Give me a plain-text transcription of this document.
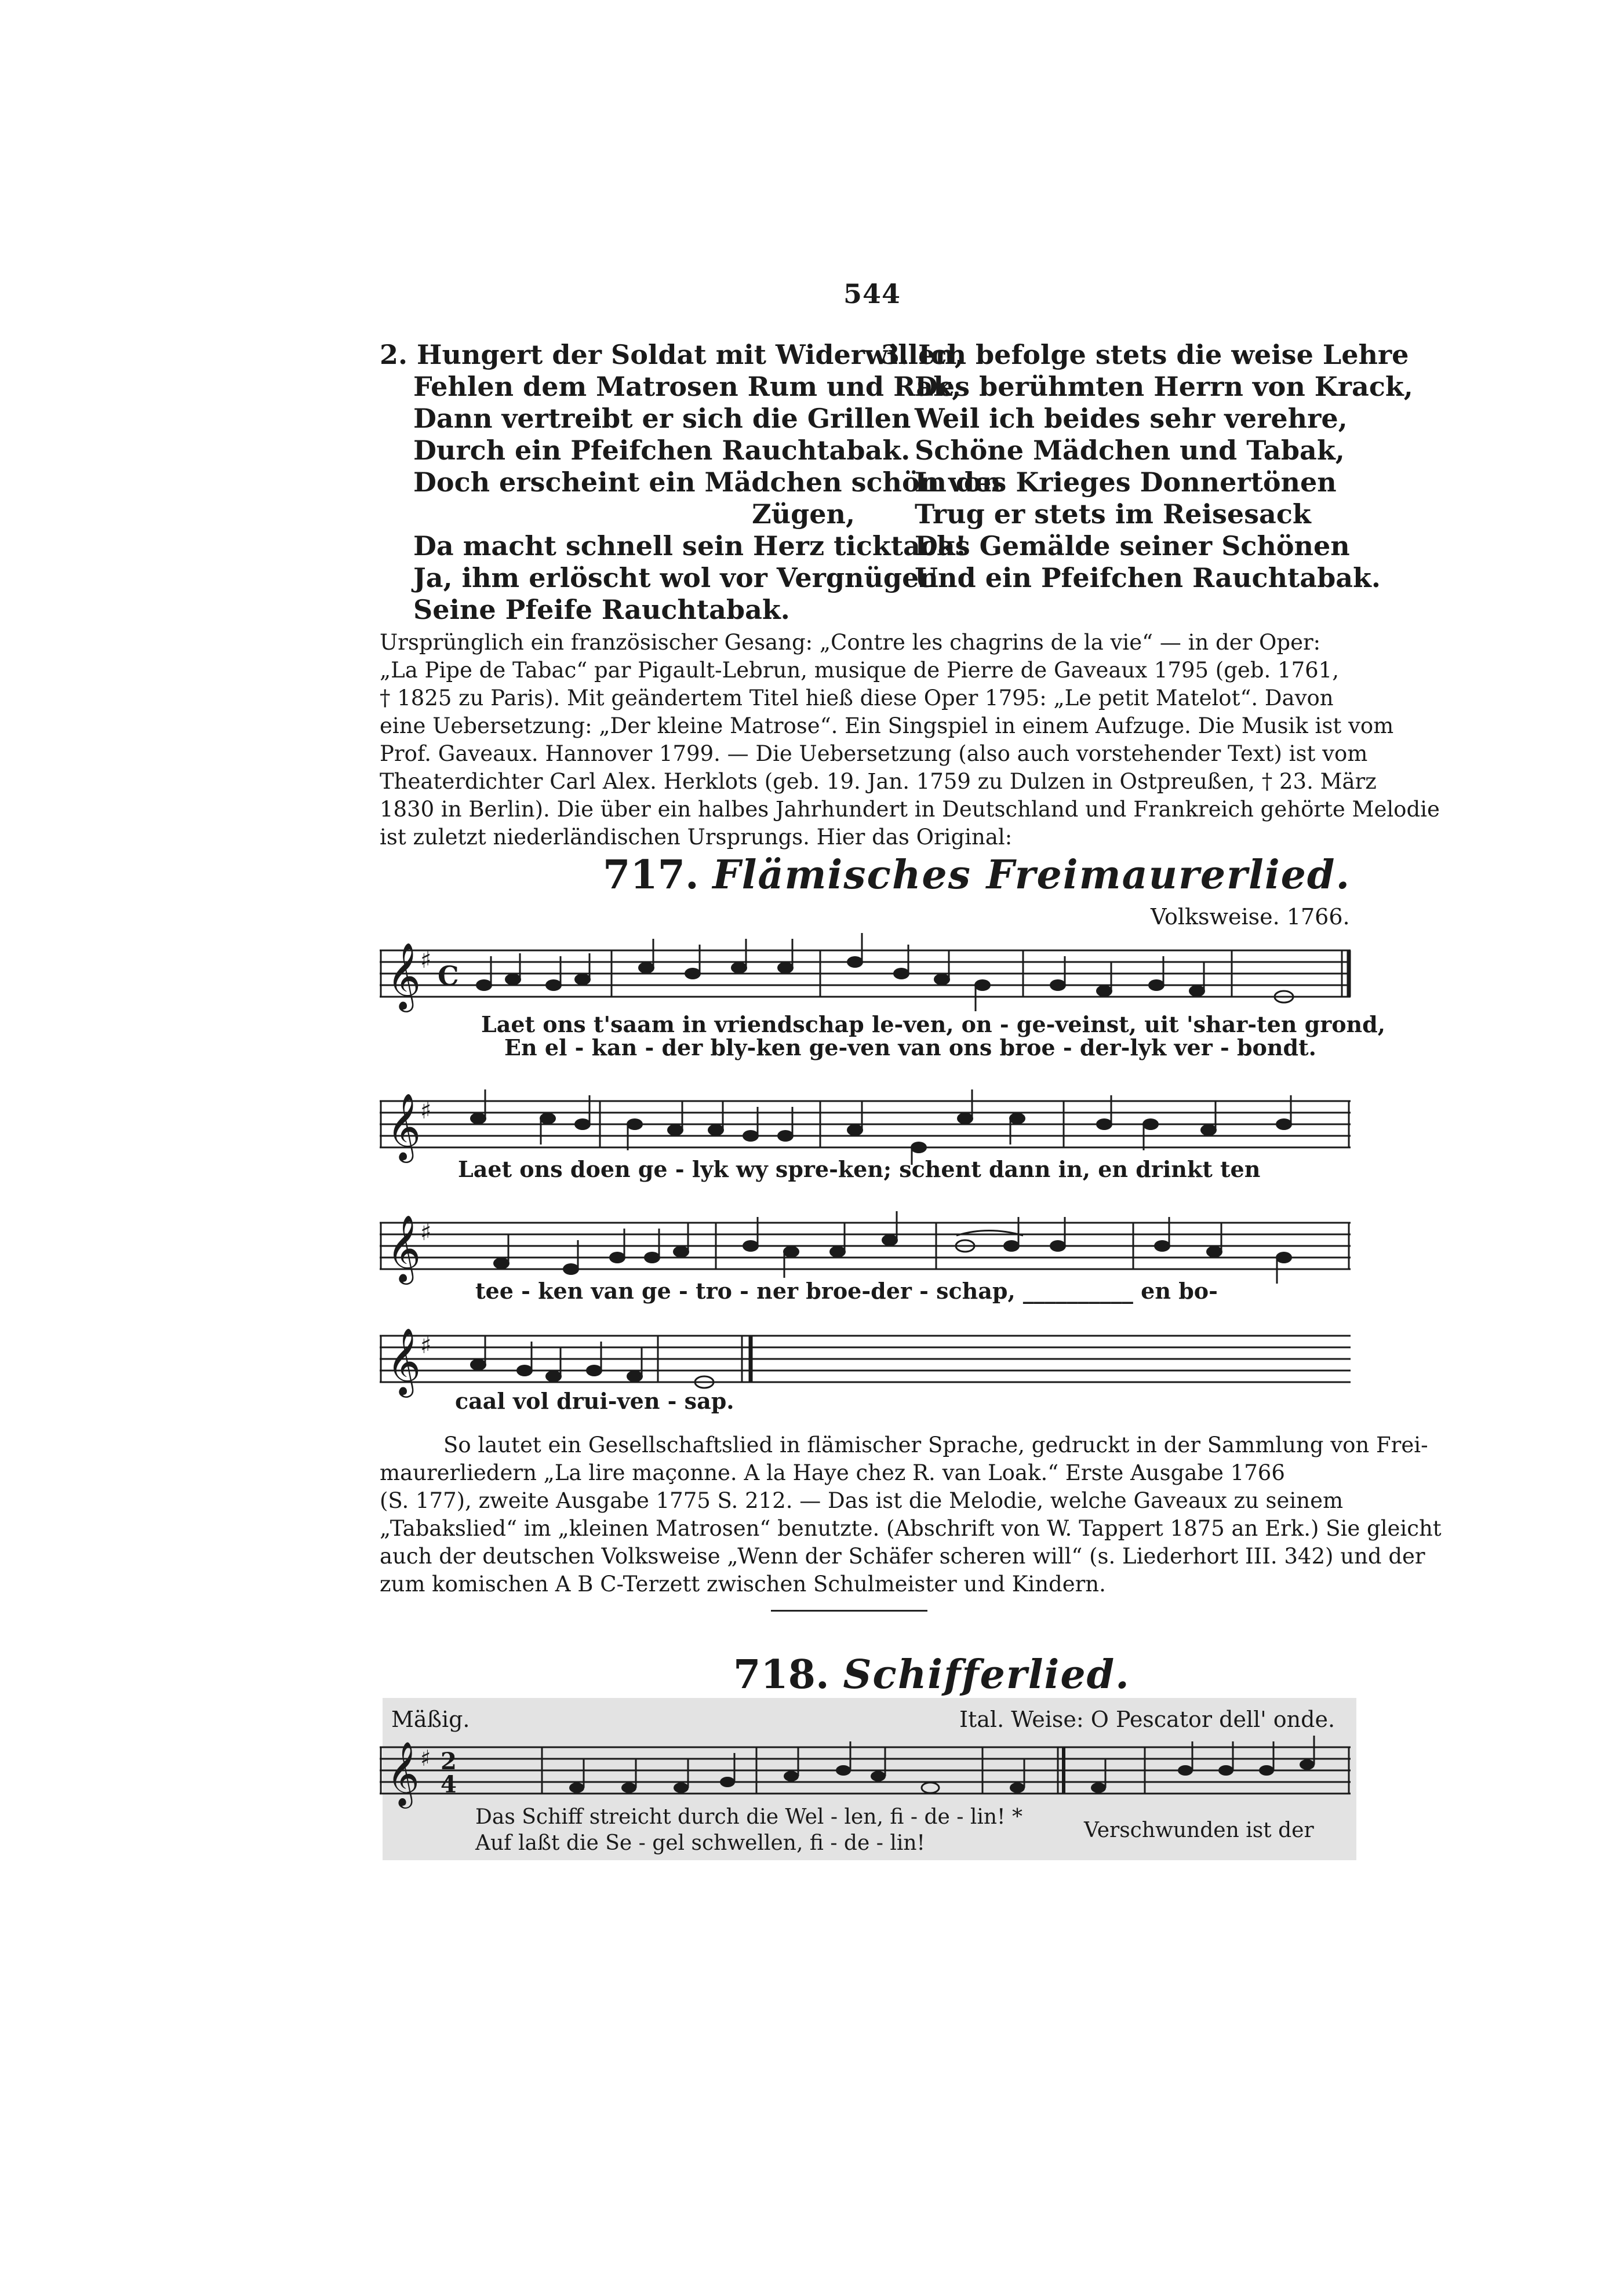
544
2. Hungert der Soldat mit Widerwillen,
Fehlen dem Matrosen Rum und Rak,
Dann vertreibt er sich die Grillen
Durch ein Pfeifchen Rauchtabak.
Doch erscheint ein Mädchen schön von
Zügen,
Da macht schnell sein Herz ticktack!
Ja, ihm erlöscht wol vor Vergnügen
Seine Pfeife Rauchtabak.
3. Ich befolge stets die weise Lehre
Des berühmten Herrn von Krack,
Weil ich beides sehr verehre,
Schöne Mädchen und Tabak,
In des Krieges Donnertönen
Trug er stets im Reisesack
Das Gemälde seiner Schönen
Und ein Pfeifchen Rauchtabak.
Ursprünglich ein französischer Gesang: „Contre les chagrins de la vie“ — in der Oper:
„La Pipe de Tabac“ par Pigault-Lebrun, musique de Pierre de Gaveaux 1795 (geb. 1761,
† 1825 zu Paris). Mit geändertem Titel hieß diese Oper 1795: „Le petit Matelot“. Davon
eine Uebersetzung: „Der kleine Matrose“. Ein Singspiel in einem Aufzuge. Die Musik ist vom
Prof. Gaveaux. Hannover 1799. — Die Uebersetzung (also auch vorstehender Text) ist vom
Theaterdichter Carl Alex. Herklots (geb. 19. Jan. 1759 zu Dulzen in Ostpreußen, † 23. März
1830 in Berlin). Die über ein halbes Jahrhundert in Deutschland und Frankreich gehörte Melodie
ist zuletzt niederländischen Ursprungs. Hier das Original:
717. Flämisches Freimaurerlied.
Volksweise. 1766.
𝄞
♯ C
Laet ons t'saam in vriendschap le-ven, on - ge-veinst, uit 'shar-ten grond,
En el - kan - der bly-ken ge-ven van ons broe - der-lyk ver - bondt.
𝄞
♯
Laet ons doen ge - lyk wy spre-ken; schent dann in, en drinkt ten
𝄞
♯
tee - ken van ge - tro - ner broe-der - schap, __________ en bo-
𝄞
♯
caal vol drui-ven - sap.
So lautet ein Gesellschaftslied in flämischer Sprache, gedruckt in der Sammlung von Frei-
maurerliedern „La lire maçonne. A la Haye chez R. van Loak.“ Erste Ausgabe 1766
(S. 177), zweite Ausgabe 1775 S. 212. — Das ist die Melodie, welche Gaveaux zu seinem
„Tabakslied“ im „kleinen Matrosen“ benutzte. (Abschrift von W. Tappert 1875 an Erk.) Sie gleicht
auch der deutschen Volksweise „Wenn der Schäfer scheren will“ (s. Liederhort III. 342) und der
zum komischen A B C-Terzett zwischen Schulmeister und Kindern.
718. Schifferlied.
Mäßig.	Ital. Weise: O Pescator dell' onde.
𝄞 ♯ 2
4
Das Schiff streicht durch die Wel - len, fi - de - lin! *
Auf laßt die Se - gel schwellen, fi - de - lin!
Verschwunden ist der
